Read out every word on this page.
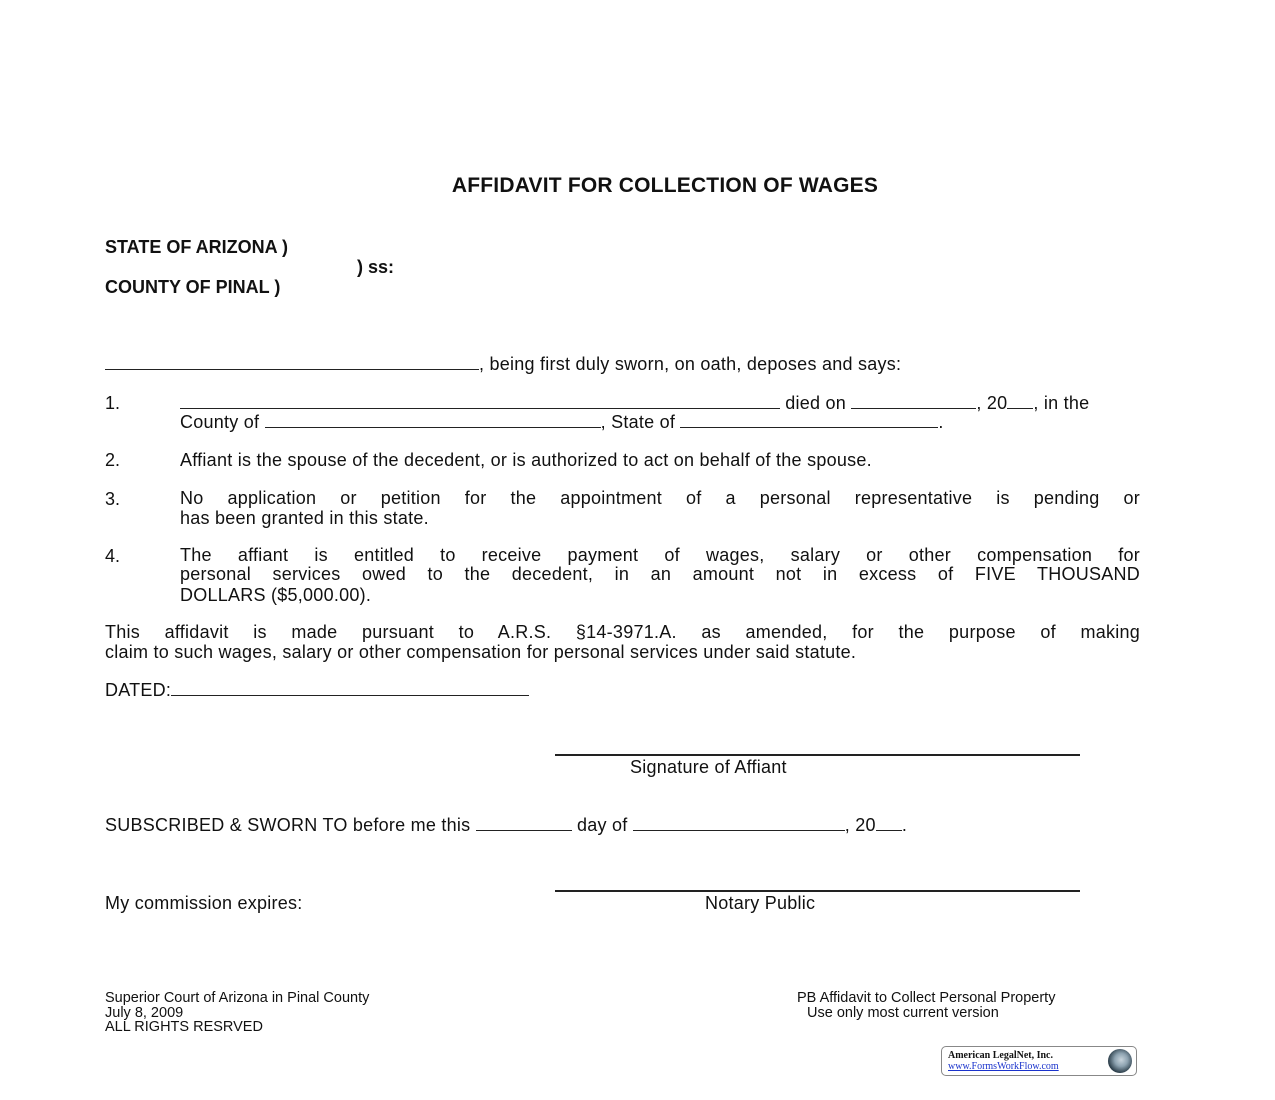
AFFIDAVIT FOR COLLECTION OF WAGES
STATE OF ARIZONA )
) ss:
COUNTY OF PINAL )
, being first duly sworn, on oath, deposes and says:
1.	died on	, 20 , in the
County of	, State of	.
2.	Affiant is the spouse of the decedent, or is authorized to act on behalf of the spouse.
3.	No application or petition for the appointment of a personal representative is pending or
has been granted in this state.
4.	The affiant is entitled to receive payment of wages, salary or other compensation for
personal services owed to the decedent, in an amount not in excess of FIVE THOUSAND
DOLLARS ($5,000.00).
This affidavit is made pursuant to A.R.S. §14-3971.A. as amended, for the purpose of making
claim to such wages, salary or other compensation for personal services under said statute.
DATED:
Signature of Affiant
SUBSCRIBED & SWORN TO before me this	day of	, 20 .
My commission expires:	Notary Public
Superior Court of Arizona in Pinal County
July 8, 2009
ALL RIGHTS RESRVED
PB Affidavit to Collect Personal Property
Use only most current version
American LegalNet, Inc.
www.FormsWorkFlow.com
